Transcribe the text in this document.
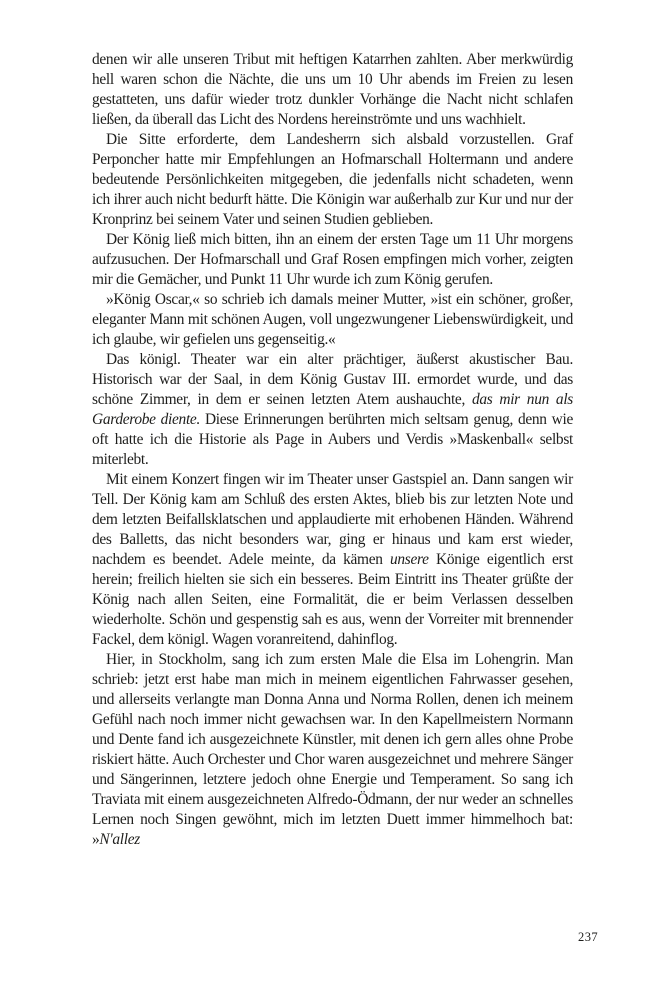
denen wir alle unseren Tribut mit heftigen Katarrhen zahlten. Aber merkwürdig hell waren schon die Nächte, die uns um 10 Uhr abends im Freien zu lesen gestatteten, uns dafür wieder trotz dunkler Vorhänge die Nacht nicht schlafen ließen, da überall das Licht des Nordens hereinströmte und uns wachhielt.

Die Sitte erforderte, dem Landesherrn sich alsbald vorzustellen. Graf Perponcher hatte mir Empfehlungen an Hofmarschall Holtermann und andere bedeutende Persönlichkeiten mitgegeben, die jedenfalls nicht schadeten, wenn ich ihrer auch nicht bedurft hätte. Die Königin war außerhalb zur Kur und nur der Kronprinz bei seinem Vater und seinen Studien geblieben.

Der König ließ mich bitten, ihn an einem der ersten Tage um 11 Uhr morgens aufzusuchen. Der Hofmarschall und Graf Rosen empfingen mich vorher, zeigten mir die Gemächer, und Punkt 11 Uhr wurde ich zum König gerufen.

»König Oscar,« so schrieb ich damals meiner Mutter, »ist ein schöner, großer, eleganter Mann mit schönen Augen, voll ungezwungener Liebenswürdigkeit, und ich glaube, wir gefielen uns gegenseitig.«

Das königl. Theater war ein alter prächtiger, äußerst akustischer Bau. Historisch war der Saal, in dem König Gustav III. ermordet wurde, und das schöne Zimmer, in dem er seinen letzten Atem aushauchte, das mir nun als Garderobe diente. Diese Erinnerungen berührten mich seltsam genug, denn wie oft hatte ich die Historie als Page in Aubers und Verdis »Maskenball« selbst miterlebt.

Mit einem Konzert fingen wir im Theater unser Gastspiel an. Dann sangen wir Tell. Der König kam am Schluß des ersten Aktes, blieb bis zur letzten Note und dem letzten Beifallsklatschen und applaudierte mit erhobenen Händen. Während des Balletts, das nicht besonders war, ging er hinaus und kam erst wieder, nachdem es beendet. Adele meinte, da kämen unsere Könige eigentlich erst herein; freilich hielten sie sich ein besseres. Beim Eintritt ins Theater grüßte der König nach allen Seiten, eine Formalität, die er beim Verlassen desselben wiederholte. Schön und gespenstig sah es aus, wenn der Vorreiter mit brennender Fackel, dem königl. Wagen voranreitend, dahinflog.

Hier, in Stockholm, sang ich zum ersten Male die Elsa im Lohengrin. Man schrieb: jetzt erst habe man mich in meinem eigentlichen Fahrwasser gesehen, und allerseits verlangte man Donna Anna und Norma Rollen, denen ich meinem Gefühl nach noch immer nicht gewachsen war. In den Kapellmeistern Normann und Dente fand ich ausgezeichnete Künstler, mit denen ich gern alles ohne Probe riskiert hätte. Auch Orchester und Chor waren ausgezeichnet und mehrere Sänger und Sängerinnen, letztere jedoch ohne Energie und Temperament. So sang ich Traviata mit einem ausgezeichneten Alfredo-Ödmann, der nur weder an schnelles Lernen noch Singen gewöhnt, mich im letzten Duett immer himmelhoch bat: »N'allez

237
